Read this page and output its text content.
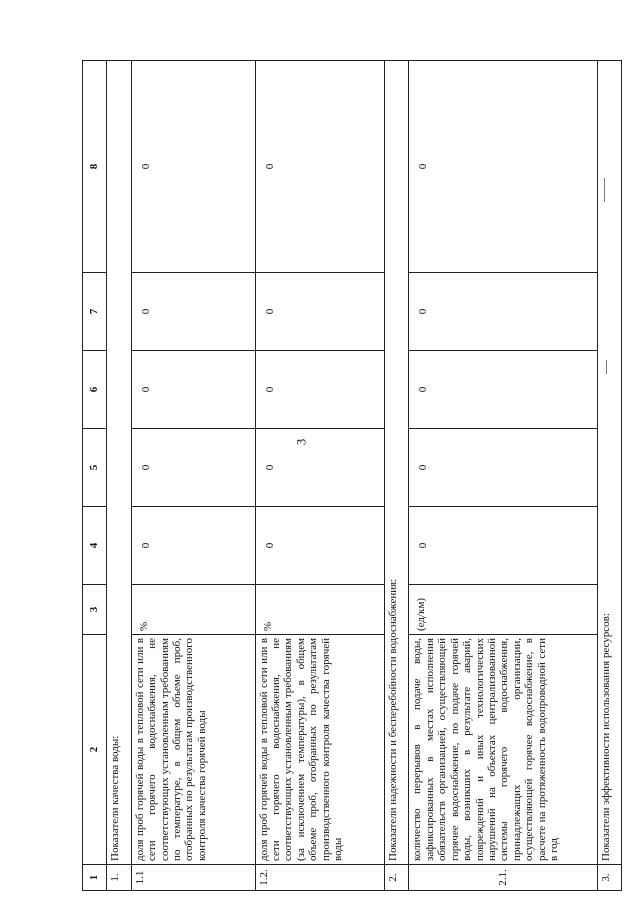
3
1	2	3	4	5	6	7	8
1.	Показатели качества воды:						
1.1	доля проб горячей воды в тепловой сети или в сети горячего водоснабжения, не соответствующих установленным требованиям по температуре, в общем объеме проб, отобранных по результатам производственного контроля качества горячей воды	%	0	0	0	0	0
1.2.	доля проб горячей воды в тепловой сети или в сети горячего водоснабжения, не соответствующих установленным требованиям (за исключением температуры), в общем объеме проб, отобранных по результатам производственного контроля качества горячей воды	%	0	0	0	0	0
2.	Показатели надежности и бесперебойности водоснабжения:						
2.1.	количество перерывов в подаче воды, зафиксированных в местах исполнения обязательств организацией, осуществляющей горячее водоснабжение, по подаче горячей воды, возникших в результате аварий, повреждений и иных технологических нарушений на объектах централизованной системы горячего водоснабжения, принадлежащих организации, осуществляющей горячее водоснабжение, в расчете на протяженность водопроводной сети в год	(ед/км)	0	0	0	0	0
3.	Показатели эффективности использования ресурсов:						
